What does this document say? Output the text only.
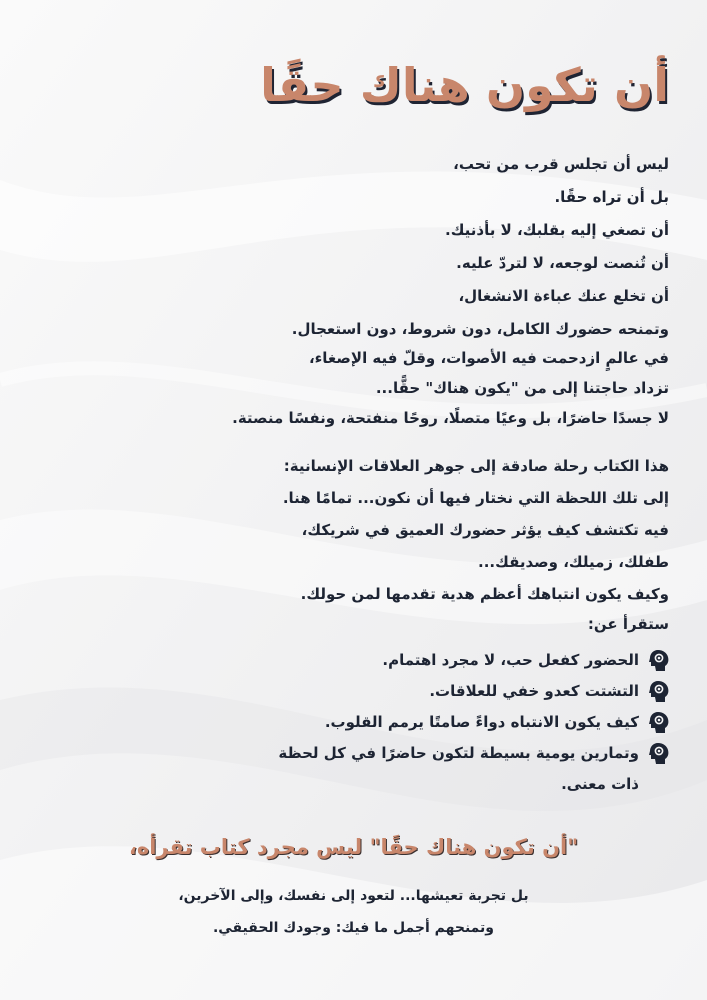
أن تكون هناك حقًا
ليس أن تجلس قرب من تحب،
بل أن تراه حقًا.
أن تصغي إليه بقلبك، لا بأذنيك.
أن تُنصت لوجعه، لا لتردّ عليه.
أن تخلع عنك عباءة الانشغال،
وتمنحه حضورك الكامل، دون شروط، دون استعجال.
في عالمٍ ازدحمت فيه الأصوات، وقلّ فيه الإصغاء،
تزداد حاجتنا إلى من "يكون هناك" حقًّا...
لا جسدًا حاضرًا، بل وعيًا متصلًا، روحًا منفتحة، ونفسًا منصتة.
هذا الكتاب رحلة صادقة إلى جوهر العلاقات الإنسانية:
إلى تلك اللحظة التي نختار فيها أن نكون... تمامًا هنا.
فيه تكتشف كيف يؤثر حضورك العميق في شريكك،
طفلك، زميلك، وصديقك...
وكيف يكون انتباهك أعظم هدية تقدمها لمن حولك.

ستقرأ عن:

الحضور كفعل حب، لا مجرد اهتمام.
التشتت كعدو خفي للعلاقات.
كيف يكون الانتباه دواءً صامتًا يرمم القلوب.
وتمارين يومية بسيطة لتكون حاضرًا في كل لحظة
ذات معنى.

"أن تكون هناك حقًا" ليس مجرد كتاب تقرأه،

بل تجربة تعيشها... لتعود إلى نفسك، وإلى الآخرين،
وتمنحهم أجمل ما فيك: وجودك الحقيقي.
